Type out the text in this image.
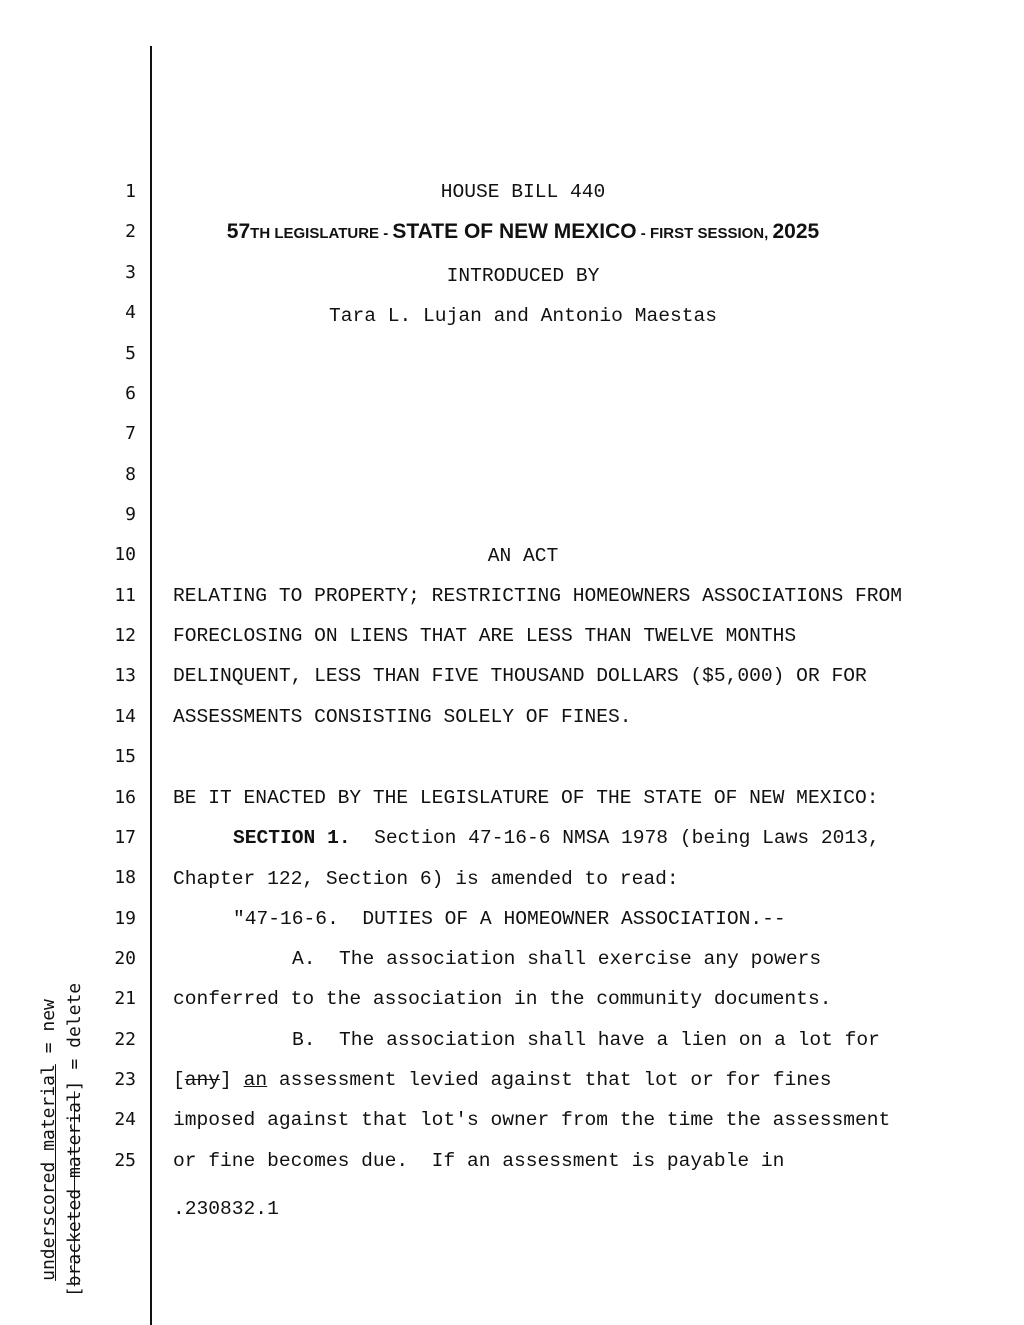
underscored material = new
[bracketed material] = delete
1
2
3
4
5
6
7
8
9
10
11
12
13
14
15
16
17
18
19
20
21
22
23
24
25
HOUSE BILL 440
57TH LEGISLATURE - STATE OF NEW MEXICO - FIRST SESSION, 2025
INTRODUCED BY
Tara L. Lujan and Antonio Maestas
AN ACT
RELATING TO PROPERTY; RESTRICTING HOMEOWNERS ASSOCIATIONS FROM
FORECLOSING ON LIENS THAT ARE LESS THAN TWELVE MONTHS
DELINQUENT, LESS THAN FIVE THOUSAND DOLLARS ($5,000) OR FOR
ASSESSMENTS CONSISTING SOLELY OF FINES.
BE IT ENACTED BY THE LEGISLATURE OF THE STATE OF NEW MEXICO:
SECTION 1.  Section 47-16-6 NMSA 1978 (being Laws 2013,
Chapter 122, Section 6) is amended to read:
"47-16-6.  DUTIES OF A HOMEOWNER ASSOCIATION.--
A.  The association shall exercise any powers
conferred to the association in the community documents.
B.  The association shall have a lien on a lot for
[any] an assessment levied against that lot or for fines
imposed against that lot's owner from the time the assessment
or fine becomes due.  If an assessment is payable in
.230832.1
